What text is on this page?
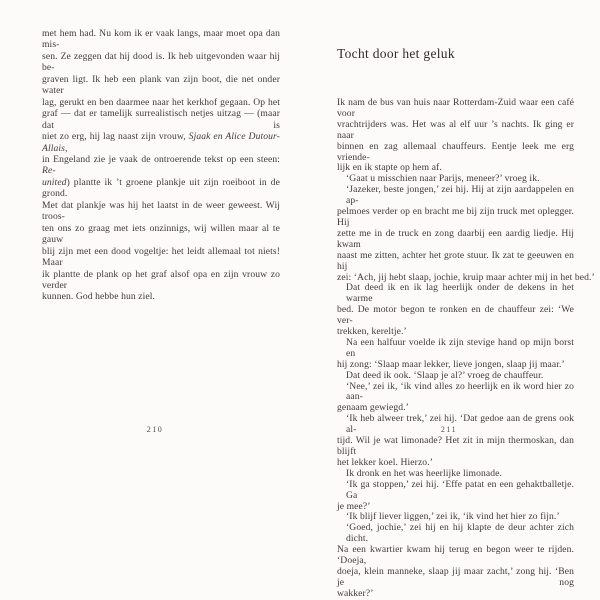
met hem had. Nu kom ik er vaak langs, maar moet opa dan mis-
sen. Ze zeggen dat hij dood is. Ik heb uitgevonden waar hij be-
graven ligt. Ik heb een plank van zijn boot, die net onder water
lag, gerukt en ben daarmee naar het kerkhof gegaan. Op het
graf — dat er tamelijk surrealistisch netjes uitzag — (maar dat is
niet zo erg, hij lag naast zijn vrouw, Sjaak en Alice Dutour-Allais,
in Engeland zie je vaak de ontroerende tekst op een steen: Re-
united) plantte ik ’t groene plankje uit zijn roeiboot in de grond.
Met dat plankje was hij het laatst in de weer geweest. Wij troos-
ten ons zo graag met iets onzinnigs, wij willen maar al te gauw
blij zijn met een dood vogeltje: het leidt allemaal tot niets! Maar
ik plantte de plank op het graf alsof opa en zijn vrouw zo verder
kunnen. God hebbe hun ziel.
210
Tocht door het geluk
Ik nam de bus van huis naar Rotterdam-Zuid waar een café voor
vrachtrijders was. Het was al elf uur ’s nachts. Ik ging er naar
binnen en zag allemaal chauffeurs. Eentje leek me erg vriende-
lijk en ik stapte op hem af.
‘Gaat u misschien naar Parijs, meneer?’ vroeg ik.
‘Jazeker, beste jongen,’ zei hij. Hij at zijn aardappelen en ap-
pelmoes verder op en bracht me bij zijn truck met oplegger. Hij
zette me in de truck en zong daarbij een aardig liedje. Hij kwam
naast me zitten, achter het grote stuur. Ik zat te geeuwen en hij
zei: ‘Ach, jij hebt slaap, jochie, kruip maar achter mij in het bed.’
Dat deed ik en ik lag heerlijk onder de dekens in het warme
bed. De motor begon te ronken en de chauffeur zei: ‘We ver-
trekken, kereltje.’
Na een halfuur voelde ik zijn stevige hand op mijn borst en
hij zong: ‘Slaap maar lekker, lieve jongen, slaap jij maar.’
Dat deed ik ook. ‘Slaap je al?’ vroeg de chauffeur.
‘Nee,’ zei ik, ‘ik vind alles zo heerlijk en ik word hier zo aan-
genaam gewiegd.’
‘Ik heb alweer trek,’ zei hij. ‘Dat gedoe aan de grens ook al-
tijd. Wil je wat limonade? Het zit in mijn thermoskan, dan blijft
het lekker koel. Hierzo.’
Ik dronk en het was heerlijke limonade.
‘Ik ga stoppen,’ zei hij. ‘Effe patat en een gehaktballetje. Ga
je mee?’
‘Ik blijf liever liggen,’ zei ik, ‘ik vind het hier zo fijn.’
‘Goed, jochie,’ zei hij en hij klapte de deur achter zich dicht.
Na een kwartier kwam hij terug en begon weer te rijden. ‘Doeja,
doeja, klein manneke, slaap jij maar zacht,’ zong hij. ‘Ben je nog
wakker?’
211
